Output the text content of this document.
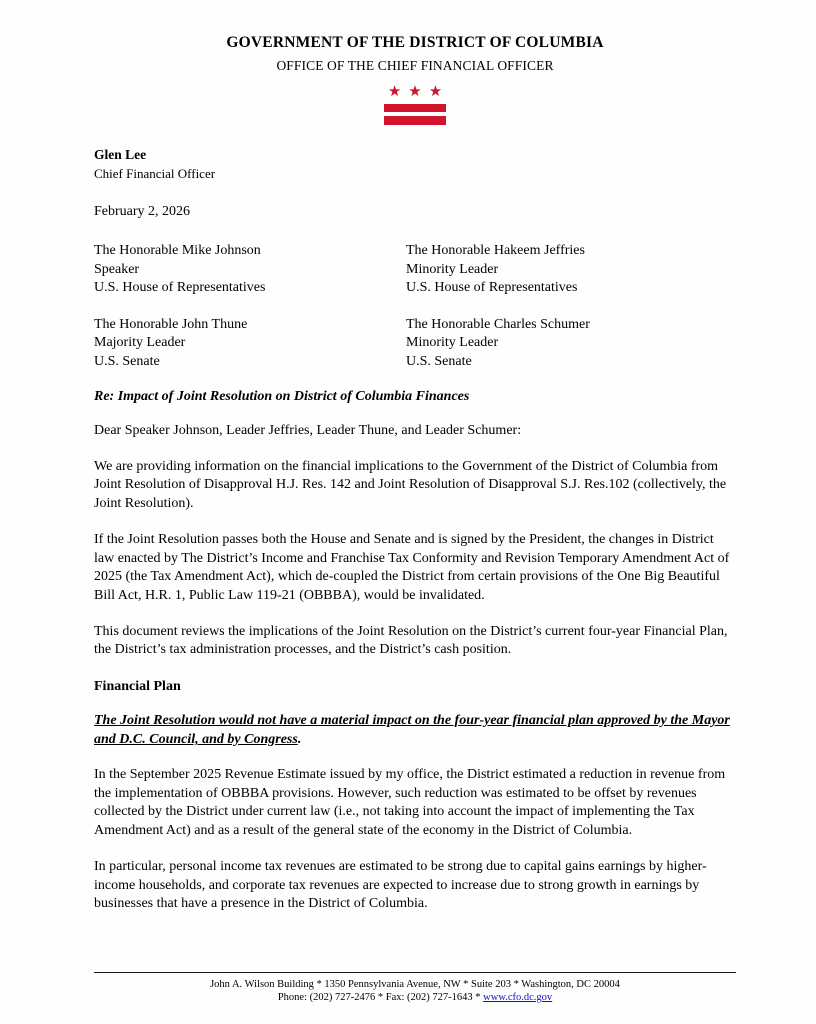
GOVERNMENT OF THE DISTRICT OF COLUMBIA
OFFICE OF THE CHIEF FINANCIAL OFFICER
★ ★ ★
Glen Lee
Chief Financial Officer
February 2, 2026
The Honorable Mike Johnson
Speaker
U.S. House of Representatives
The Honorable Hakeem Jeffries
Minority Leader
U.S. House of Representatives
The Honorable John Thune
Majority Leader
U.S. Senate
The Honorable Charles Schumer
Minority Leader
U.S. Senate
Re: Impact of Joint Resolution on District of Columbia Finances

Dear Speaker Johnson, Leader Jeffries, Leader Thune, and Leader Schumer:

We are providing information on the financial implications to the Government of the District of Columbia from Joint Resolution of Disapproval H.J. Res. 142 and Joint Resolution of Disapproval S.J. Res.102 (collectively, the Joint Resolution).

If the Joint Resolution passes both the House and Senate and is signed by the President, the changes in District law enacted by The District’s Income and Franchise Tax Conformity and Revision Temporary Amendment Act of 2025 (the Tax Amendment Act), which de-coupled the District from certain provisions of the One Big Beautiful Bill Act, H.R. 1, Public Law 119-21 (OBBBA), would be invalidated.

This document reviews the implications of the Joint Resolution on the District’s current four-year Financial Plan, the District’s tax administration processes, and the District’s cash position.

Financial Plan
The Joint Resolution would not have a material impact on the four-year financial plan approved by the Mayor and D.C. Council, and by Congress.

In the September 2025 Revenue Estimate issued by my office, the District estimated a reduction in revenue from the implementation of OBBBA provisions. However, such reduction was estimated to be offset by revenues collected by the District under current law (i.e., not taking into account the impact of implementing the Tax Amendment Act) and as a result of the general state of the economy in the District of Columbia.

In particular, personal income tax revenues are estimated to be strong due to capital gains earnings by higher-income households, and corporate tax revenues are expected to increase due to strong growth in earnings by businesses that have a presence in the District of Columbia.

John A. Wilson Building * 1350 Pennsylvania Avenue, NW * Suite 203 * Washington, DC 20004
Phone: (202) 727-2476 * Fax: (202) 727-1643 * www.cfo.dc.gov
